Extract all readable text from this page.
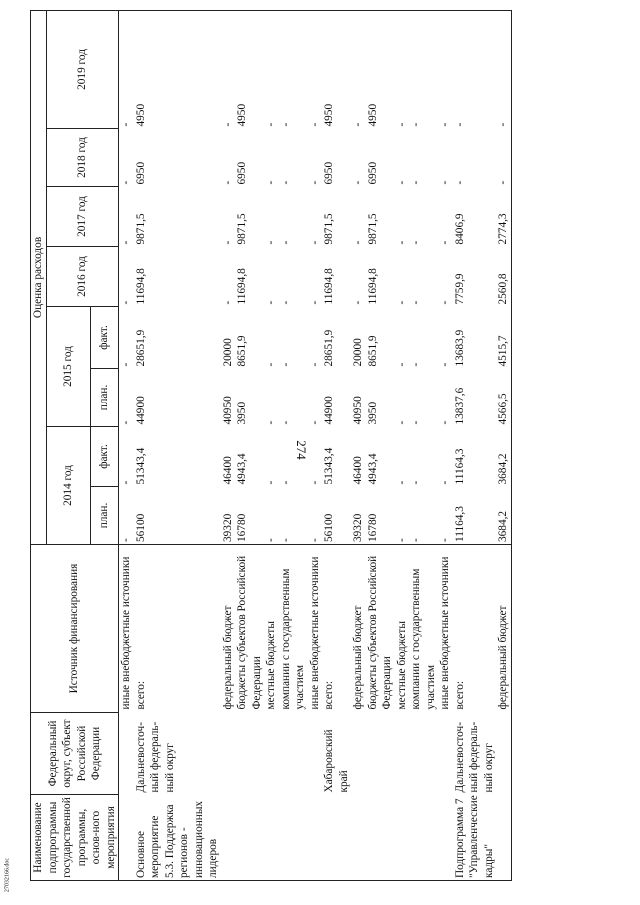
274
27032166.doc
Наименование подпрограммы государственной программы, основ-ного мероприятия	Федеральный округ, субъект Российской Федерации	Источник финансирования	Оценка расходов							
			2014 год		2015 год		2016 год	2017 год	2018 год	2019 год
			план.	факт.	план.	факт.				
		иные внебюджетные источники	-	-	-	-	-	-	-	-
Основное мероприятие 5.3. Поддержка регионов - инновационных лидеров	Дальневосточ-ный федераль-ный округ	всего:	56100	51343,4	44900	28651,9	11694,8	9871,5	6950	4950
		федеральный бюджет	39320	46400	40950	20000	-	-	-	-
		бюджеты субъектов Российской Федерации	16780	4943,4	3950	8651,9	11694,8	9871,5	6950	4950
		местные бюджеты	-	-	-	-	-	-	-	-
		компании с государственным участием	-	-	-	-	-	-	-	-
		иные внебюджетные источники	-	-	-	-	-	-	-	-
	Хабаровский край	всего:	56100	51343,4	44900	28651,9	11694,8	9871,5	6950	4950
		федеральный бюджет	39320	46400	40950	20000	-	-	-	-
		бюджеты субъектов Российской Федерации	16780	4943,4	3950	8651,9	11694,8	9871,5	6950	4950
		местные бюджеты	-	-	-	-	-	-	-	-
		компании с государственным участием	-	-	-	-	-	-	-	-
		иные внебюджетные источники	-	-	-	-	-	-	-	-
Подпрограмма 7 "Управленческие кадры"	Дальневосточ-ный федераль-ный округ	всего:	11164,3	11164,3	13837,6	13683,9	7759,9	8406,9	-	-
		федеральный бюджет	3684,2	3684,2	4566,5	4515,7	2560,8	2774,3	-	-
